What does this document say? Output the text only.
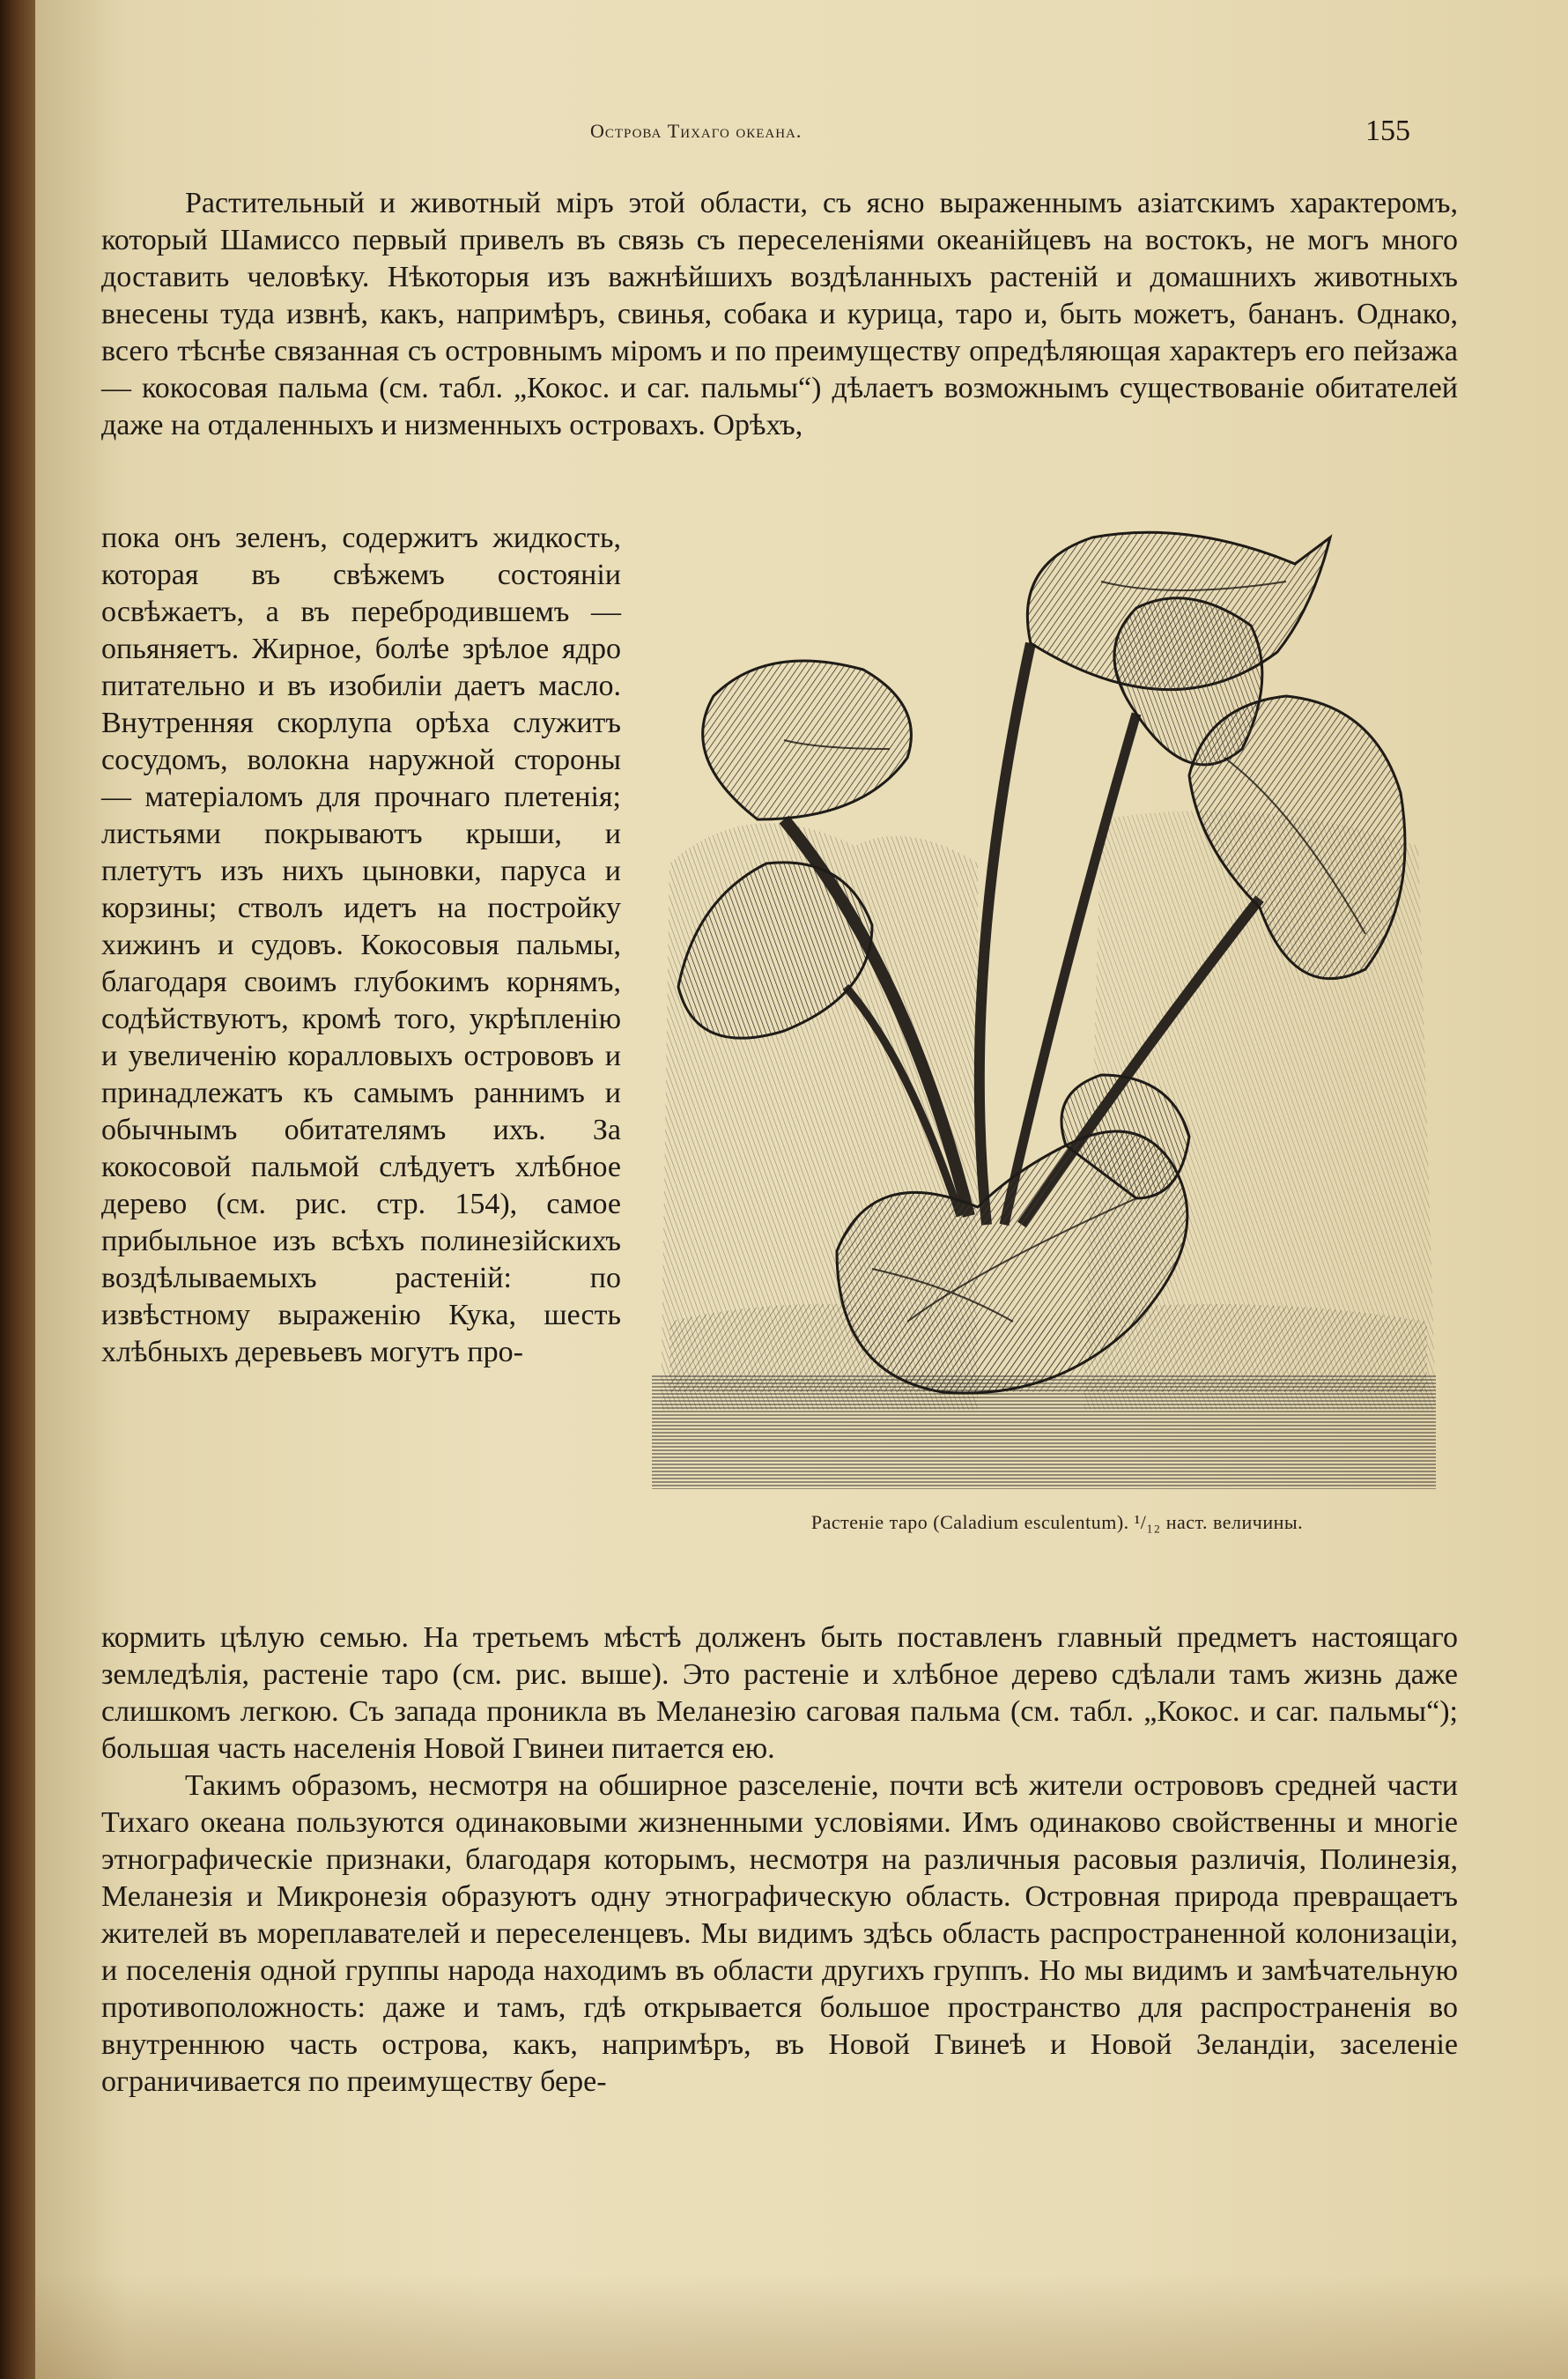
Острова Тихаго океана.	155

Растительный и животный міръ этой области, съ ясно выраженнымъ азіатскимъ характеромъ, который Шамиссо первый привелъ въ связь съ переселеніями океанійцевъ на востокъ, не могъ много доставить человѣку. Нѣкоторыя изъ важнѣйшихъ воздѣланныхъ растеній и домашнихъ животныхъ внесены туда извнѣ, какъ, напримѣръ, свинья, собака и курица, таро и, быть можетъ, бананъ. Однако, всего тѣснѣе связанная съ островнымъ міромъ и по преимуществу опредѣляющая характеръ его пейзажа — кокосовая пальма (см. табл. „Кокос. и саг. пальмы“) дѣлаетъ возможнымъ существованіе обитателей даже на отдаленныхъ и низменныхъ островахъ. Орѣхъ,

пока онъ зеленъ, содержитъ жидкость, которая въ свѣжемъ состояніи освѣжаетъ, а въ перебродившемъ — опьяняетъ. Жирное, болѣе зрѣлое ядро питательно и въ изобиліи даетъ масло. Внутренняя скорлупа орѣха служитъ сосудомъ, волокна наружной стороны — матеріаломъ для прочнаго плетенія; листьями покрываютъ крыши, и плетутъ изъ нихъ цыновки, паруса и корзины; стволъ идетъ на постройку хижинъ и судовъ. Кокосовыя пальмы, благодаря своимъ глубокимъ корнямъ, содѣйствуютъ, кромѣ того, укрѣпленію и увеличенію коралловыхъ острововъ и принадлежатъ къ самымъ раннимъ и обычнымъ обитателямъ ихъ. За кокосовой пальмой слѣдуетъ хлѣбное дерево (см. рис. стр. 154), самое прибыльное изъ всѣхъ полинезійскихъ воздѣлываемыхъ растеній: по извѣстному выраженію Кука, шесть хлѣбныхъ деревьевъ могутъ про-

Растеніе таро (Caladium esculentum). ¹/₁₂ наст. величины.

кормить цѣлую семью. На третьемъ мѣстѣ долженъ быть поставленъ главный предметъ настоящаго земледѣлія, растеніе таро (см. рис. выше). Это растеніе и хлѣбное дерево сдѣлали тамъ жизнь даже слишкомъ легкою. Съ запада проникла въ Меланезію саговая пальма (см. табл. „Кокос. и саг. пальмы“); большая часть населенія Новой Гвинеи питается ею.

Такимъ образомъ, несмотря на обширное разселеніе, почти всѣ жители острововъ средней части Тихаго океана пользуются одинаковыми жизненными условіями. Имъ одинаково свойственны и многіе этнографическіе признаки, благодаря которымъ, несмотря на различныя расовыя различія, Полинезія, Меланезія и Микронезія образуютъ одну этнографическую область. Островная природа превращаетъ жителей въ мореплавателей и переселенцевъ. Мы видимъ здѣсь область распространенной колонизаціи, и поселенія одной группы народа находимъ въ области другихъ группъ. Но мы видимъ и замѣчательную противоположность: даже и тамъ, гдѣ открывается большое пространство для распространенія во внутреннюю часть острова, какъ, напримѣръ, въ Новой Гвинеѣ и Новой Зеландіи, заселеніе ограничивается по преимуществу бере-
